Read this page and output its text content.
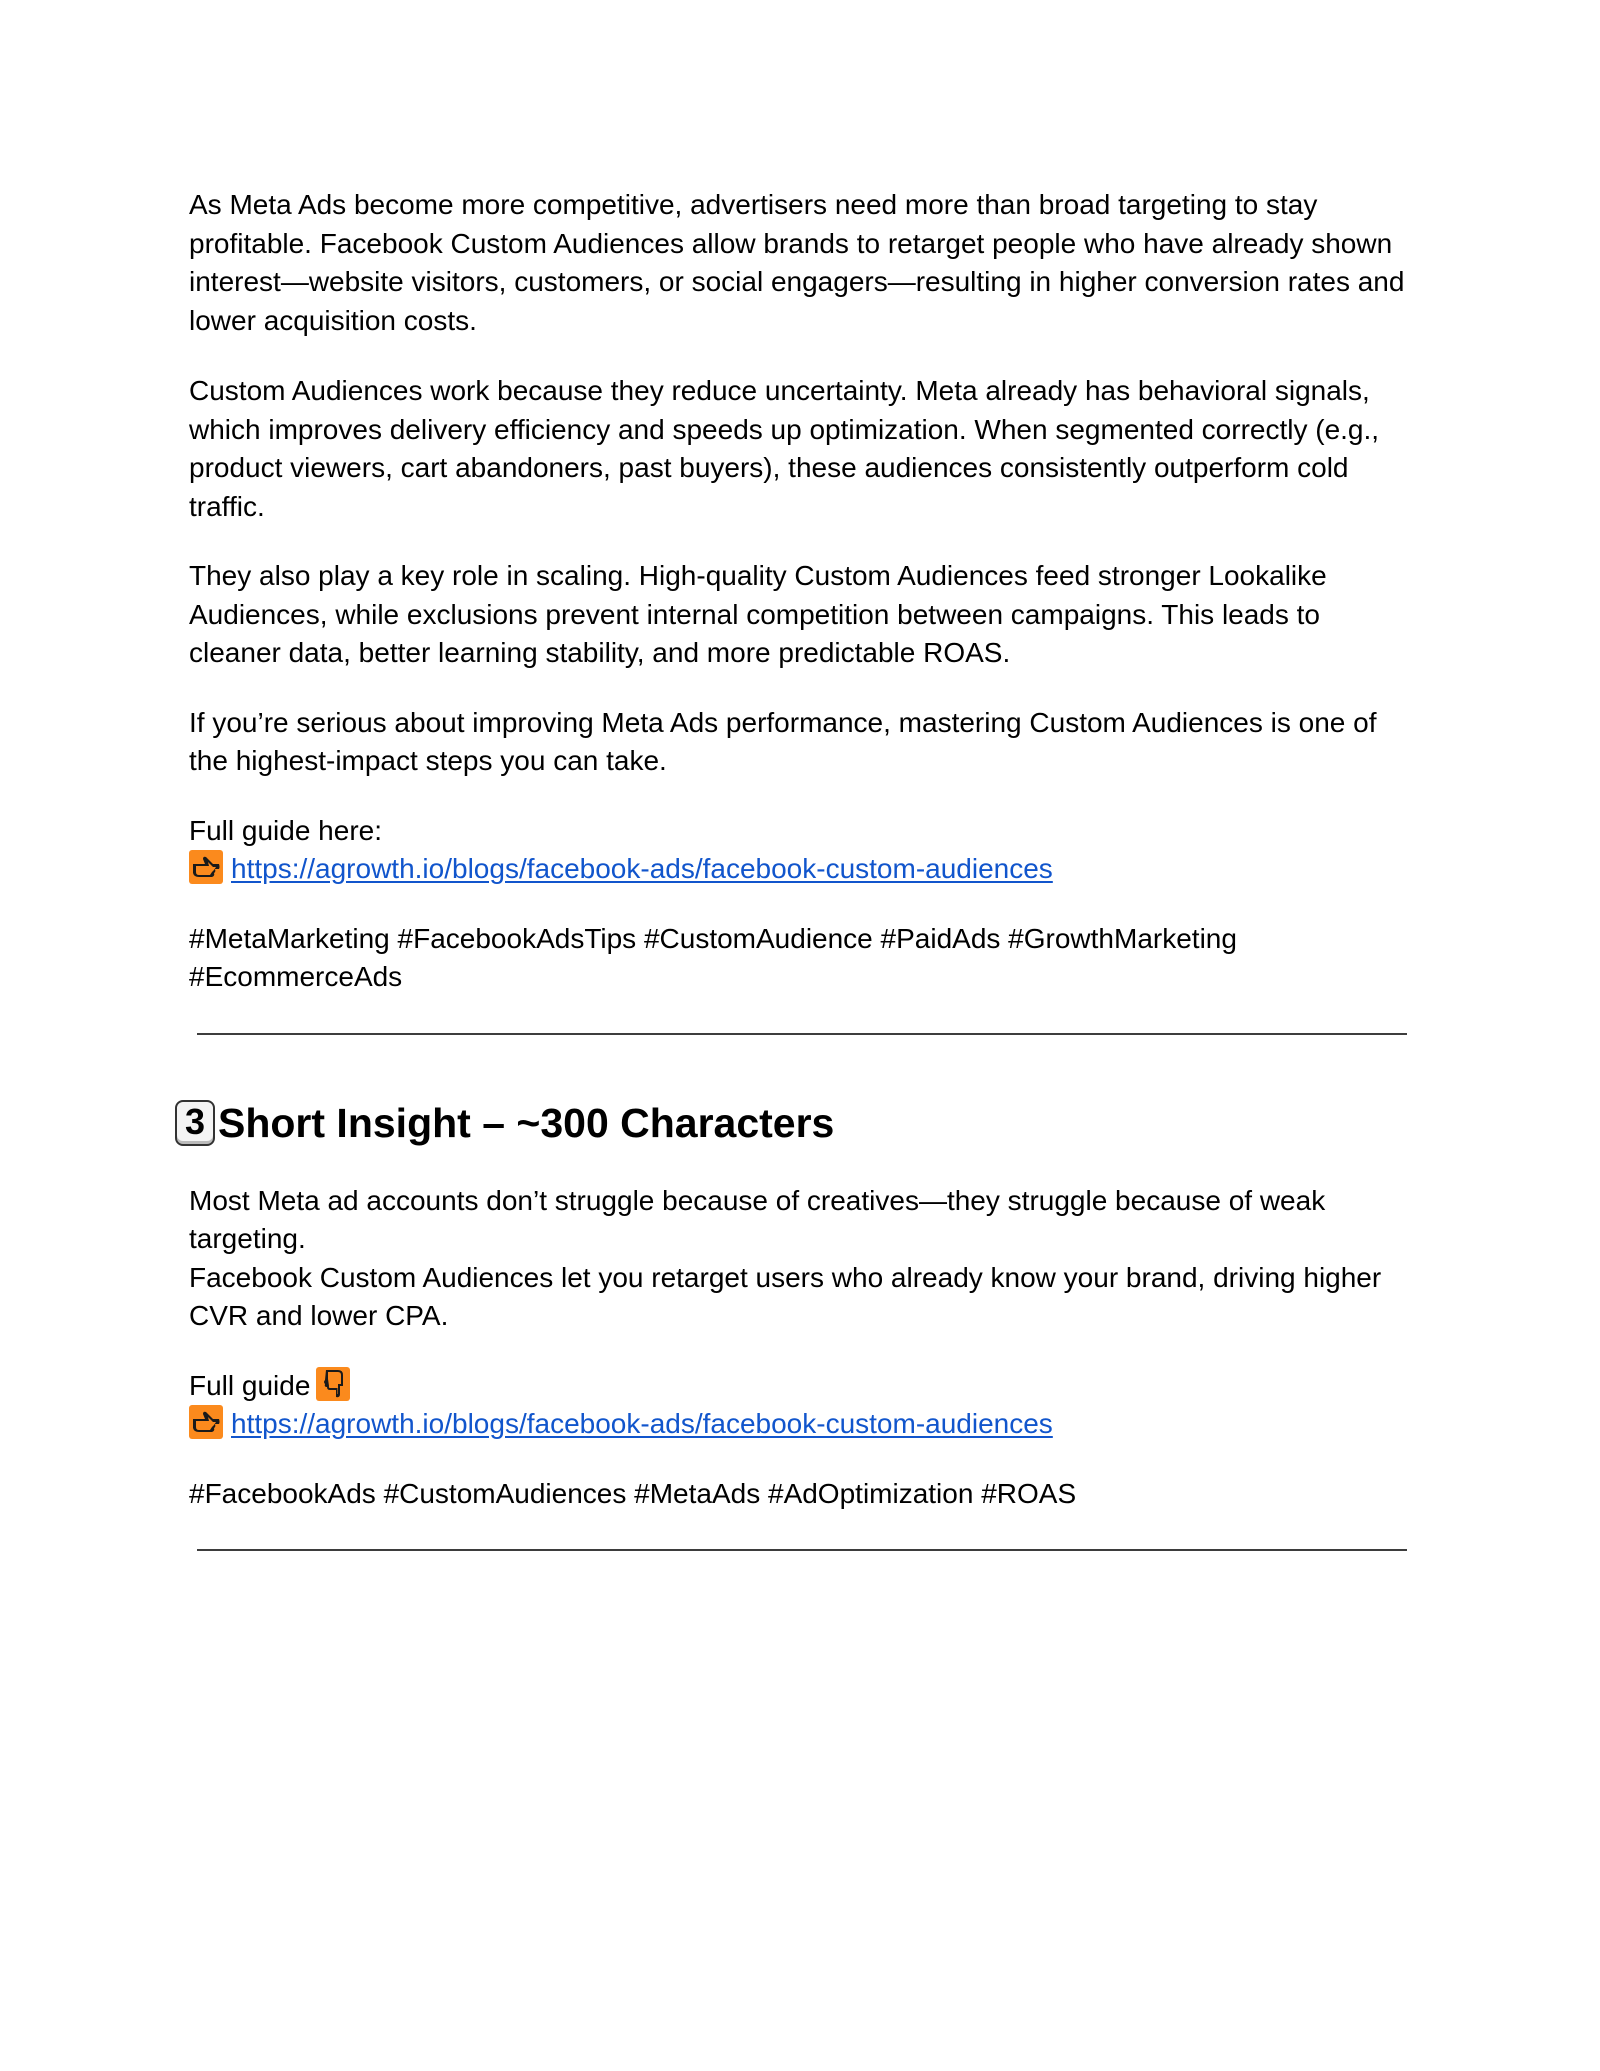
As Meta Ads become more competitive, advertisers need more than broad targeting to stay profitable. Facebook Custom Audiences allow brands to retarget people who have already shown interest—website visitors, customers, or social engagers—resulting in higher conversion rates and lower acquisition costs.

Custom Audiences work because they reduce uncertainty. Meta already has behavioral signals, which improves delivery efficiency and speeds up optimization. When segmented correctly (e.g., product viewers, cart abandoners, past buyers), these audiences consistently outperform cold traffic.

They also play a key role in scaling. High-quality Custom Audiences feed stronger Lookalike Audiences, while exclusions prevent internal competition between campaigns. This leads to cleaner data, better learning stability, and more predictable ROAS.

If you’re serious about improving Meta Ads performance, mastering Custom Audiences is one of the highest-impact steps you can take.

Full guide here:

https://agrowth.io/blogs/facebook-ads/facebook-custom-audiences

#MetaMarketing #FacebookAdsTips #CustomAudience #PaidAds #GrowthMarketing #EcommerceAds

3 Short Insight – ~300 Characters

Most Meta ad accounts don’t struggle because of creatives—they struggle because of weak targeting.
Facebook Custom Audiences let you retarget users who already know your brand, driving higher CVR and lower CPA.

Full guide

https://agrowth.io/blogs/facebook-ads/facebook-custom-audiences

#FacebookAds #CustomAudiences #MetaAds #AdOptimization #ROAS
